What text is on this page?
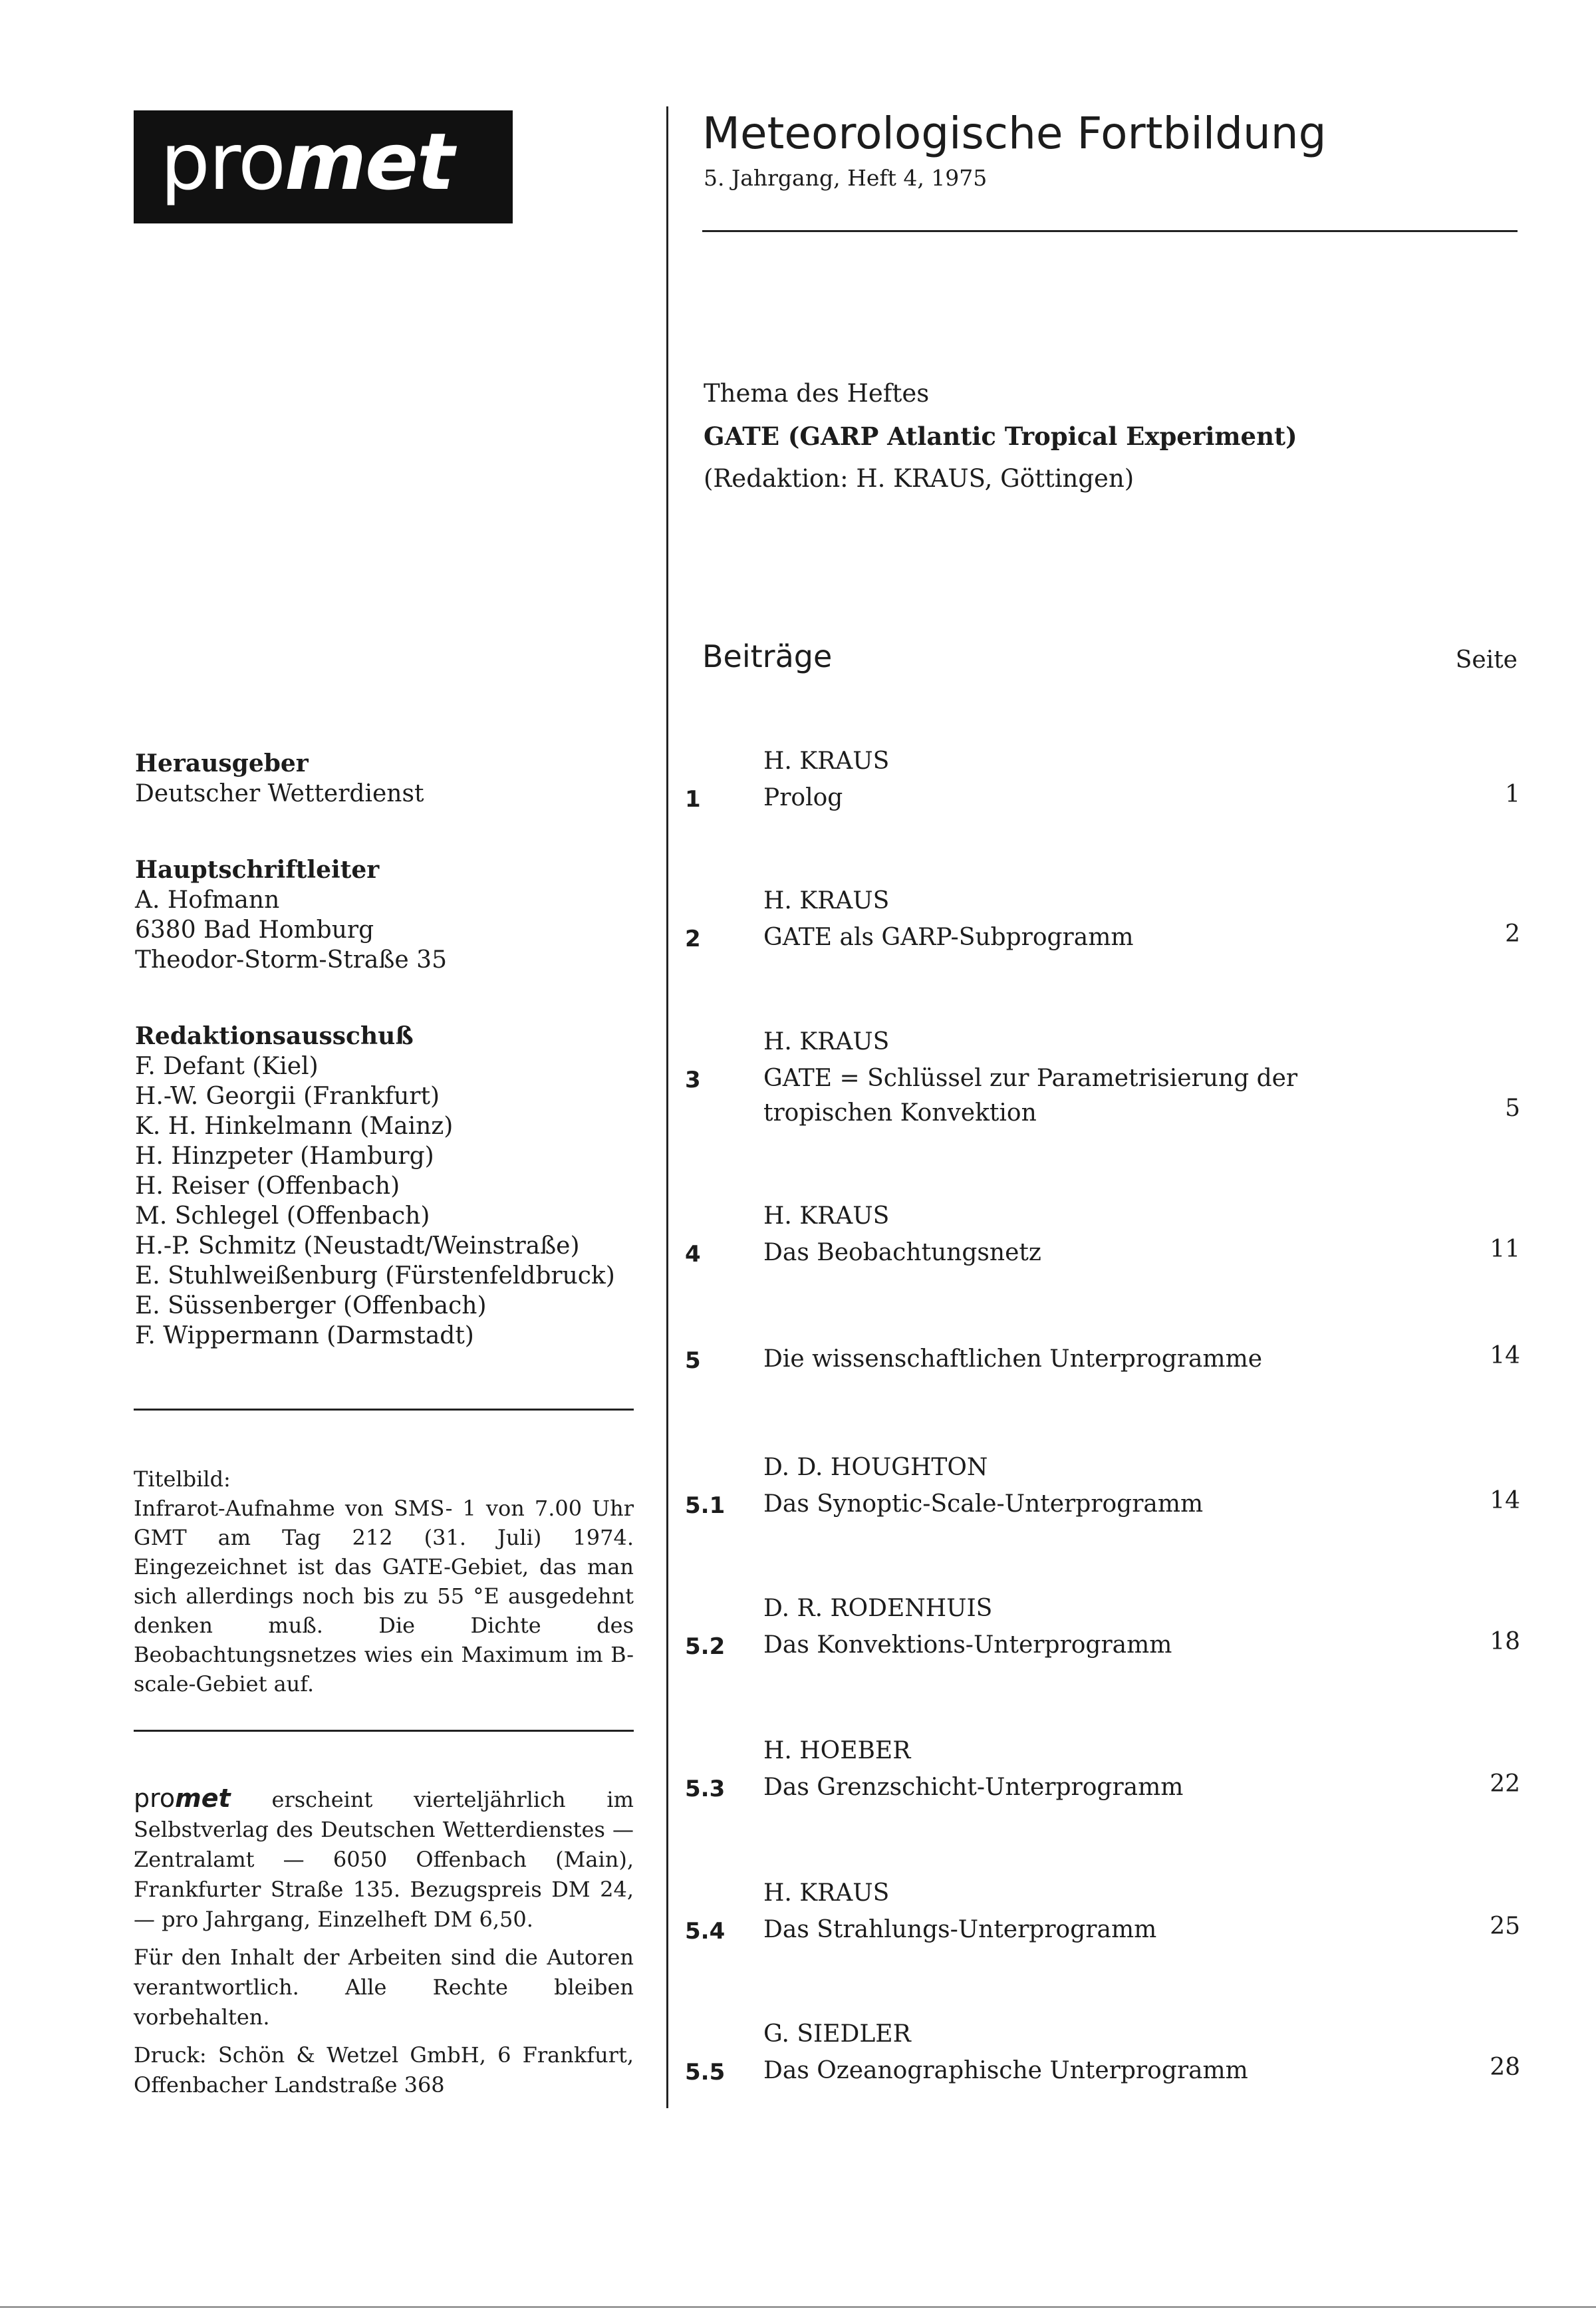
promet	Meteorologische Fortbildung
5. Jahrgang, Heft 4, 1975
Thema des Heftes
GATE (GARP Atlantic Tropical Experiment)
(Redaktion: H. KRAUS, Göttingen)
Beiträge	Seite
H. KRAUS
1	Prolog	1
H. KRAUS
2	GATE als GARP-Subprogramm	2
H. KRAUS
3	GATE = Schlüssel zur Parametrisierung der tropischen Konvektion	5
H. KRAUS
4	Das Beobachtungsnetz	11
5	Die wissenschaftlichen Unterprogramme	14
D. D. HOUGHTON
5.1 Das Synoptic-Scale-Unterprogramm	14
D. R. RODENHUIS
5.2 Das Konvektions-Unterprogramm	18
H. HOEBER
5.3 Das Grenzschicht-Unterprogramm	22
H. KRAUS
5.4 Das Strahlungs-Unterprogramm	25
G. SIEDLER
5.5 Das Ozeanographische Unterprogramm	28
Herausgeber
Deutscher Wetterdienst
Hauptschriftleiter
A. Hofmann
6380 Bad Homburg
Theodor-Storm-Straße 35
Redaktionsausschuß
F. Defant (Kiel)
H.-W. Georgii (Frankfurt)
K. H. Hinkelmann (Mainz)
H. Hinzpeter (Hamburg)
H. Reiser (Offenbach)
M. Schlegel (Offenbach)
H.-P. Schmitz (Neustadt/Weinstraße)
E. Stuhlweißenburg (Fürstenfeldbruck)
E. Süssenberger (Offenbach)
F. Wippermann (Darmstadt)
Titelbild:
Infrarot-Aufnahme von SMS- 1 von 7.00 Uhr GMT am Tag 212 (31. Juli) 1974. Eingezeichnet ist das GATE-Gebiet, das man sich allerdings noch bis zu 55 °E ausgedehnt denken muß. Die Dichte des Beobachtungsnetzes wies ein Maximum im B-scale-Gebiet auf.

promet erscheint vierteljährlich im Selbstverlag des Deutschen Wetterdienstes — Zentralamt — 6050 Offenbach (Main), Frankfurter Straße 135. Bezugspreis DM 24,— pro Jahrgang, Einzelheft DM 6,50.

Für den Inhalt der Arbeiten sind die Autoren verantwortlich. Alle Rechte bleiben vorbehalten.

Druck: Schön & Wetzel GmbH, 6 Frankfurt, Offenbacher Landstraße 368
